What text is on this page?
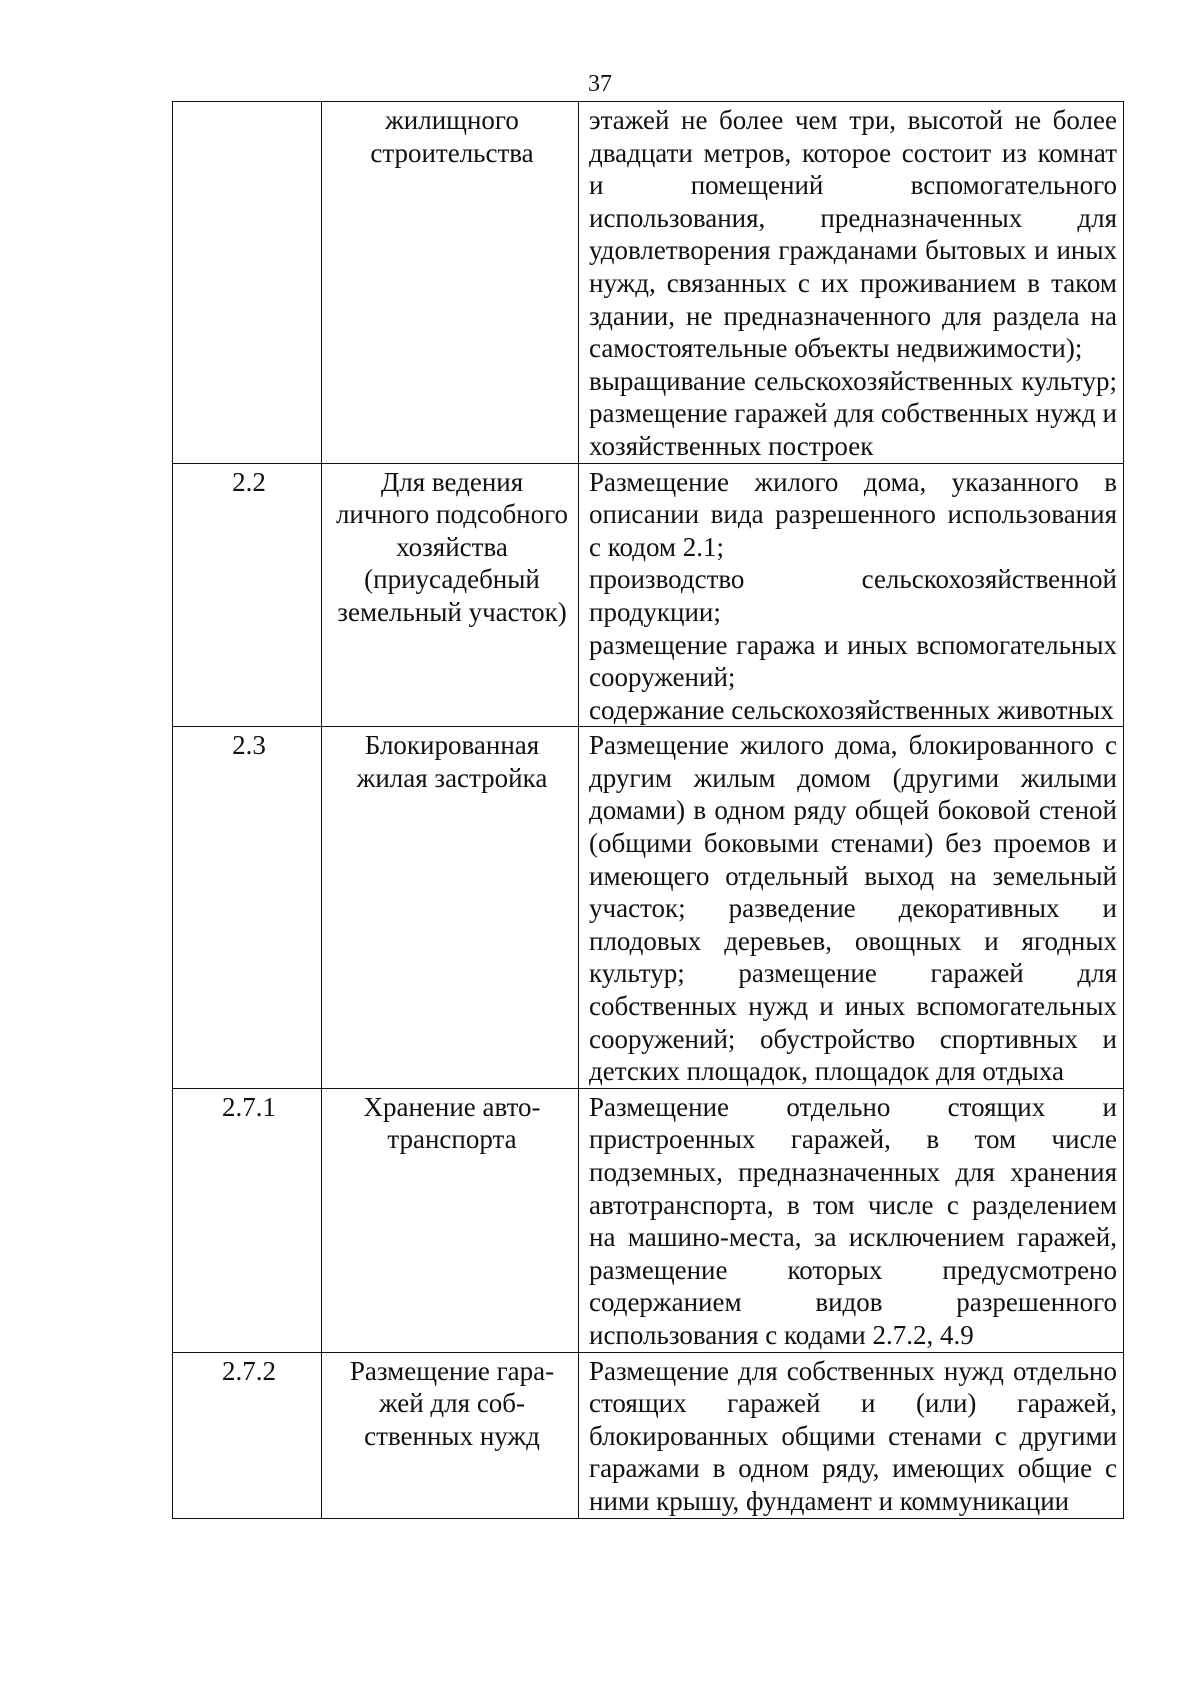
37
	жилищного строительства	этажей не более чем три, высотой не более двадцати метров, которое состоит из комнат и помещений вспомогательного использования, предназначенных для удовлетворения гражданами бытовых и иных нужд, связанных с их проживанием в таком здании, не предназначенного для раздела на самостоятельные объекты недвижимости);
выращивание сельскохозяйственных культур;
размещение гаражей для собственных нужд и хозяйственных построек

2.2	Для ведения личного подсобного хозяйства (приусадебный земельный участок)	Размещение жилого дома, указанного в описании вида разрешенного использования с кодом 2.1;
производство сельскохозяйственной продукции;
размещение гаража и иных вспомогательных сооружений;
содержание сельскохозяйственных животных

2.3	Блокированная жилая застройка	Размещение жилого дома, блокированного с другим жилым домом (другими жилыми домами) в одном ряду общей боковой стеной (общими боковыми стенами) без проемов и имеющего отдельный выход на земельный участок; разведение декоративных и плодовых деревьев, овощных и ягодных культур; размещение гаражей для собственных нужд и иных вспомогательных сооружений; обустройство спортивных и детских площадок, площадок для отдыха

2.7.1	Хранение авто-транспорта	Размещение отдельно стоящих и пристроенных гаражей, в том числе подземных, предназначенных для хранения автотранспорта, в том числе с разделением на машино-места, за исключением гаражей, размещение которых предусмотрено содержанием видов разрешенного использования с кодами 2.7.2, 4.9

2.7.2	Размещение гара-жей для соб-ственных нужд	Размещение для собственных нужд отдельно стоящих гаражей и (или) гаражей, блокированных общими стенами с другими гаражами в одном ряду, имеющих общие с ними крышу, фундамент и коммуникации
